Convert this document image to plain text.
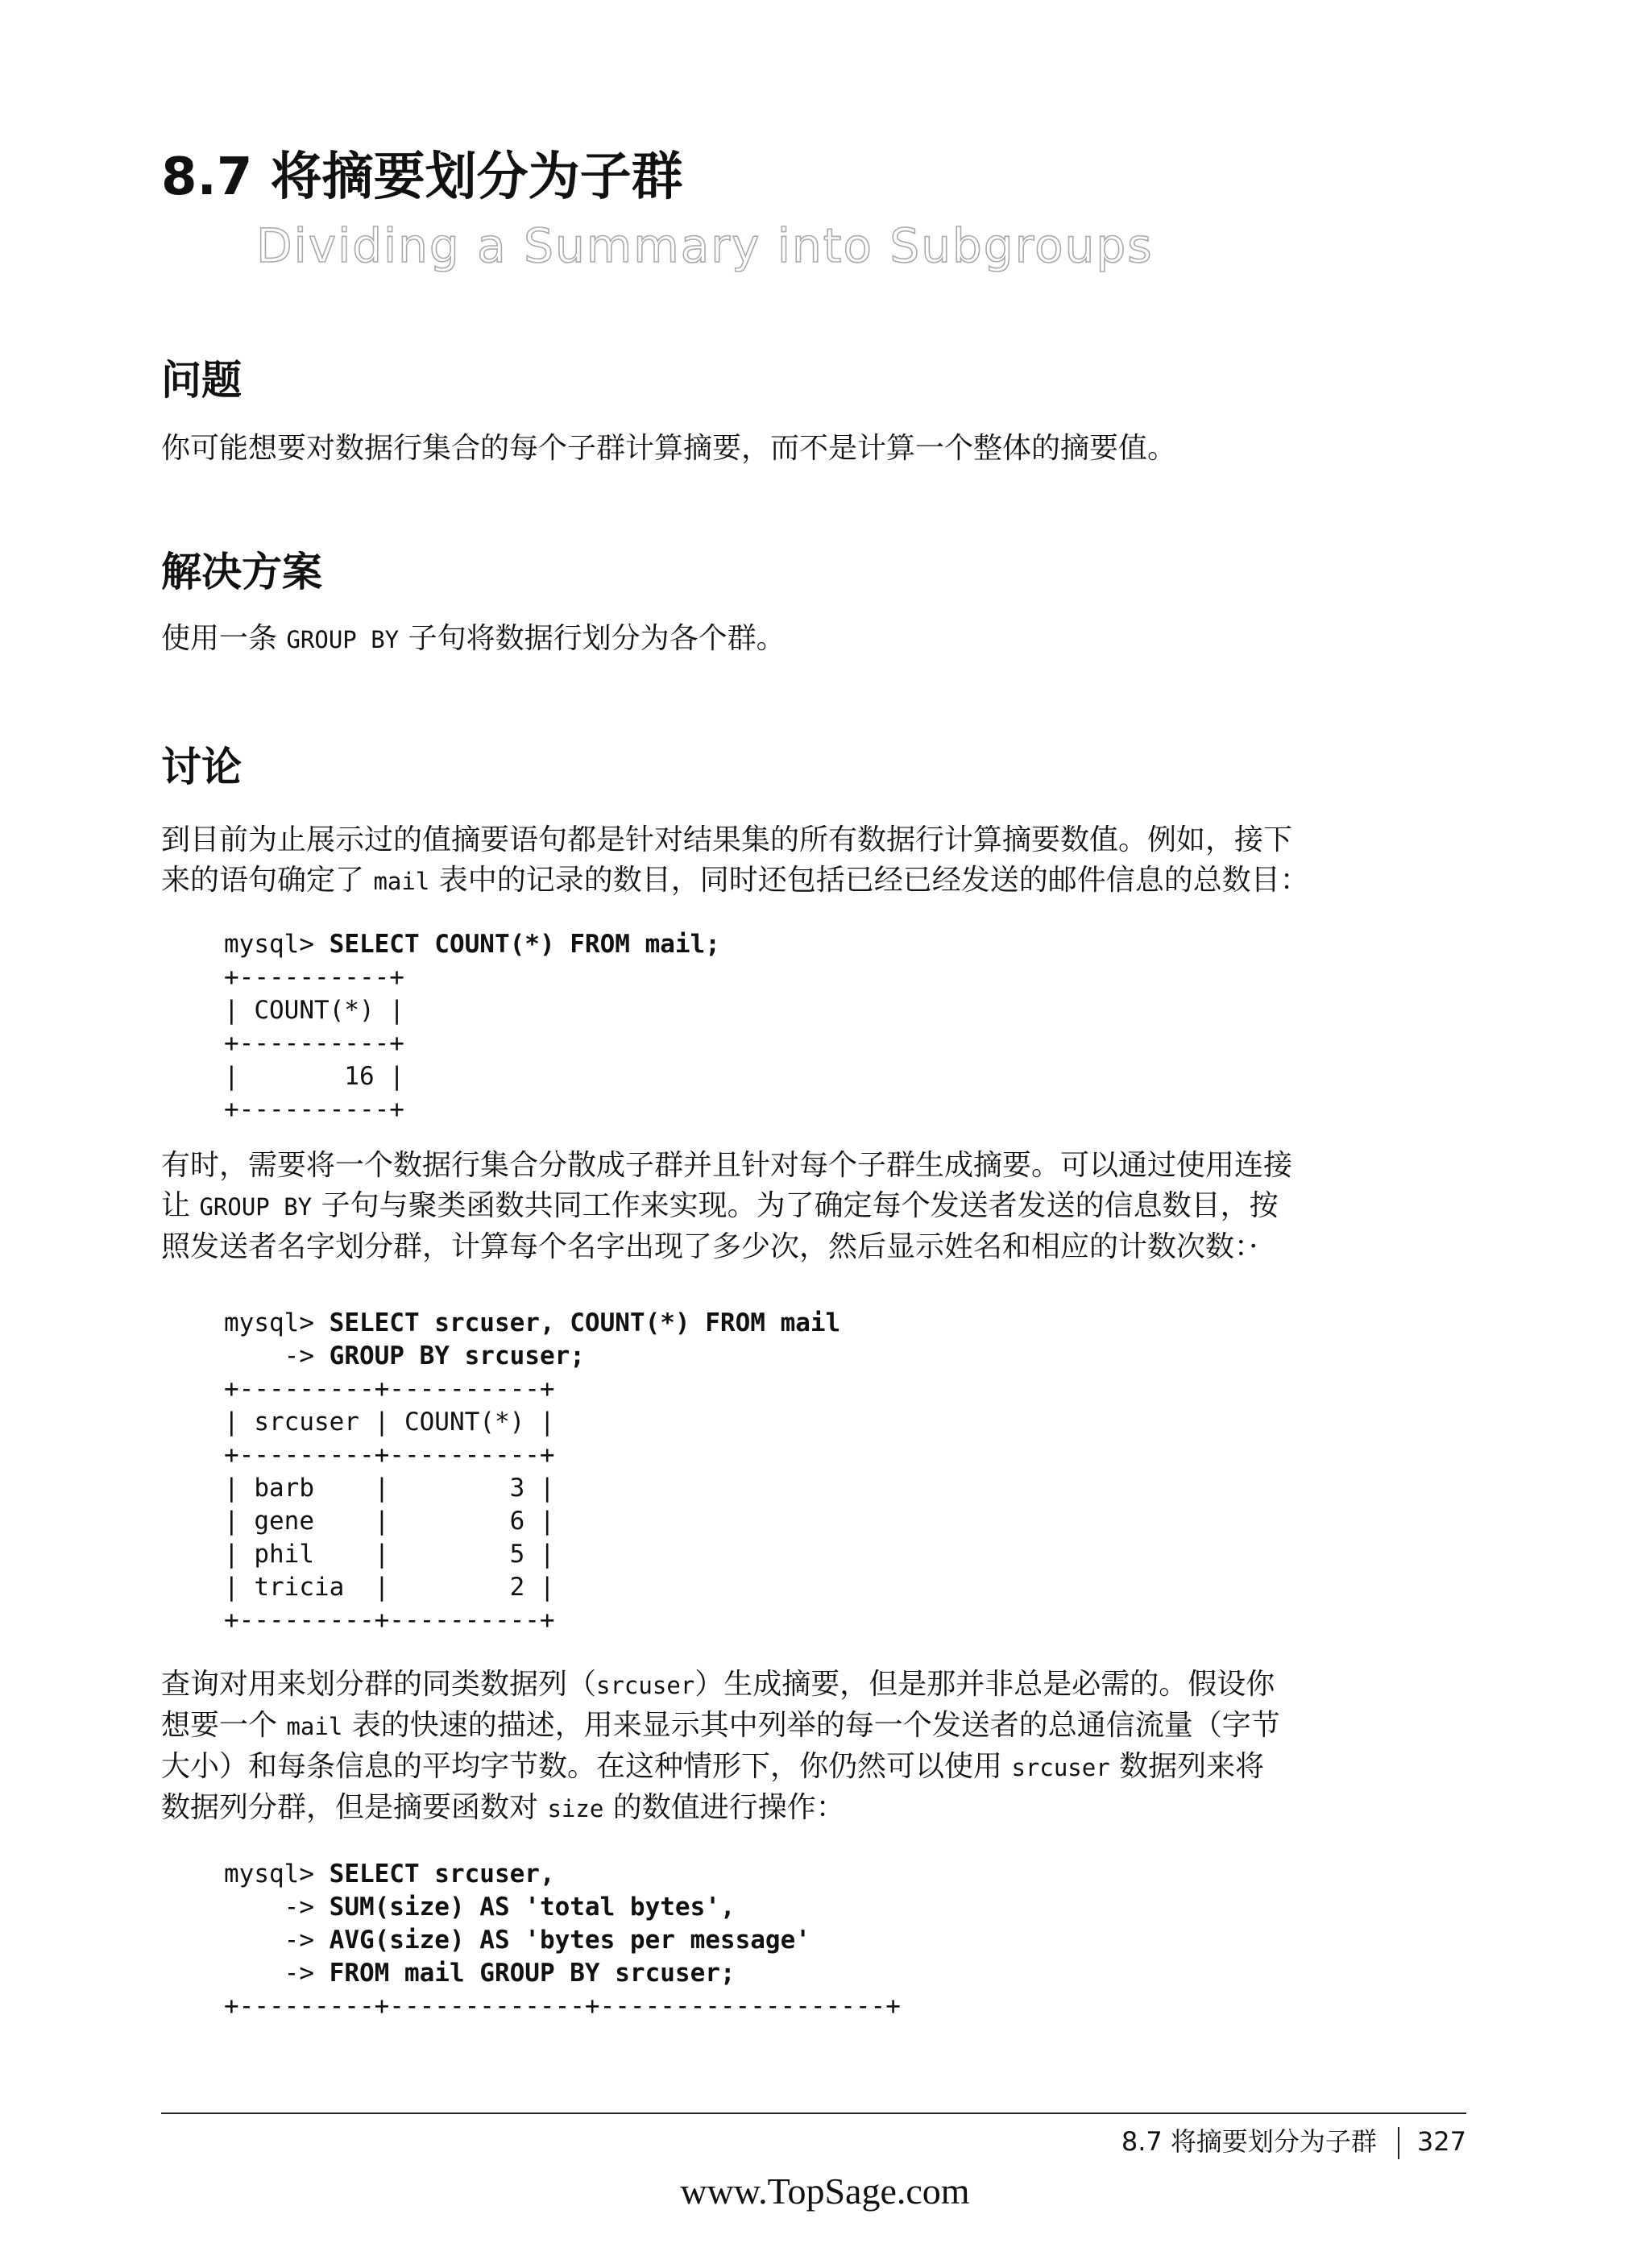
8.7 将摘要划分为子群

Dividing a Summary into Subgroups

问题

你可能想要对数据行集合的每个子群计算摘要，而不是计算一个整体的摘要值。

解决方案

使用一条 GROUP BY 子句将数据行划分为各个群。

讨论

到目前为止展示过的值摘要语句都是针对结果集的所有数据行计算摘要数值。例如，接下
来的语句确定了 mail 表中的记录的数目，同时还包括已经已经发送的邮件信息的总数目：

mysql> SELECT COUNT(*) FROM mail;
+----------+
| COUNT(*) |
+----------+
|       16 |
+----------+

有时，需要将一个数据行集合分散成子群并且针对每个子群生成摘要。可以通过使用连接
让 GROUP BY 子句与聚类函数共同工作来实现。为了确定每个发送者发送的信息数目，按
照发送者名字划分群，计算每个名字出现了多少次，然后显示姓名和相应的计数次数：·

mysql> SELECT srcuser, COUNT(*) FROM mail
-> GROUP BY srcuser;
+---------+----------+
| srcuser | COUNT(*) |
+---------+----------+
| barb    |        3 |
| gene    |        6 |
| phil    |        5 |
| tricia  |        2 |
+---------+----------+

查询对用来划分群的同类数据列（srcuser）生成摘要，但是那并非总是必需的。假设你
想要一个 mail 表的快速的描述，用来显示其中列举的每一个发送者的总通信流量（字节
大小）和每条信息的平均字节数。在这种情形下，你仍然可以使用 srcuser 数据列来将
数据列分群，但是摘要函数对 size 的数值进行操作：

mysql> SELECT srcuser,
-> SUM(size) AS 'total bytes',
-> AVG(size) AS 'bytes per message'
-> FROM mail GROUP BY srcuser;
+---------+-------------+-------------------+

8.7 将摘要划分为子群 327

www.TopSage.com
